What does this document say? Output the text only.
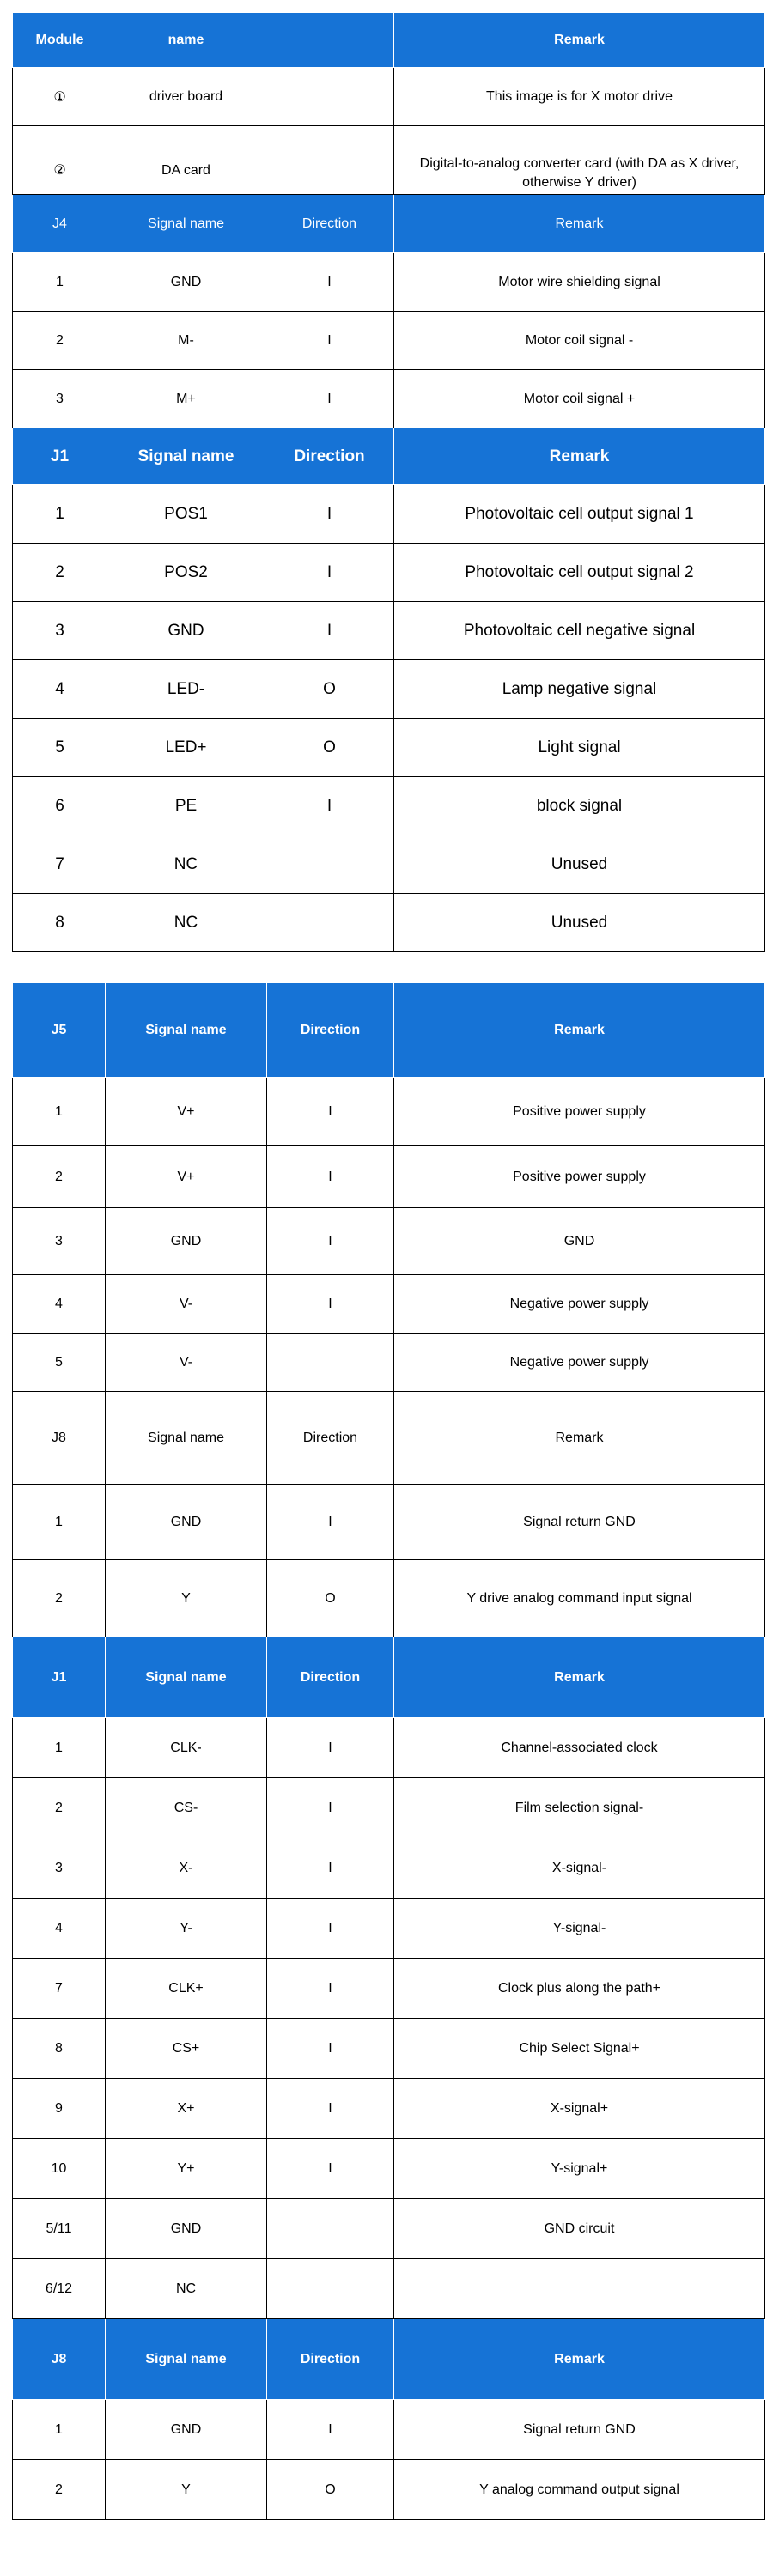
Module	name		Remark
①	driver board		This image is for X motor drive
②	DA card		Digital-to-analog converter card (with DA as X driver, otherwise Y driver)
J4	Signal name	Direction	Remark
1	GND	I	Motor wire shielding signal
2	M-	I	Motor coil signal -
3	M+	I	Motor coil signal +
J1	Signal name	Direction	Remark
1	POS1	I	Photovoltaic cell output signal 1
2	POS2	I	Photovoltaic cell output signal 2
3	GND	I	Photovoltaic cell negative signal
4	LED-	O	Lamp negative signal
5	LED+	O	Light signal
6	PE	I	block signal
7	NC		Unused
8	NC		Unused
J5	Signal name	Direction	Remark
1	V+	I	Positive power supply
2	V+	I	Positive power supply
3	GND	I	GND
4	V-	I	Negative power supply
5	V-		Negative power supply
J8	Signal name	Direction	Remark
1	GND	I	Signal return GND
2	Y	O	Y drive analog command input signal
J1	Signal name	Direction	Remark
1	CLK-	I	Channel-associated clock
2	CS-	I	Film selection signal-
3	X-	I	X-signal-
4	Y-	I	Y-signal-
7	CLK+	I	Clock plus along the path+
8	CS+	I	Chip Select Signal+
9	X+	I	X-signal+
10	Y+	I	Y-signal+
5/11	GND		GND circuit
6/12	NC		
J8	Signal name	Direction	Remark
1	GND	I	Signal return GND
2	Y	O	Y analog command output signal
